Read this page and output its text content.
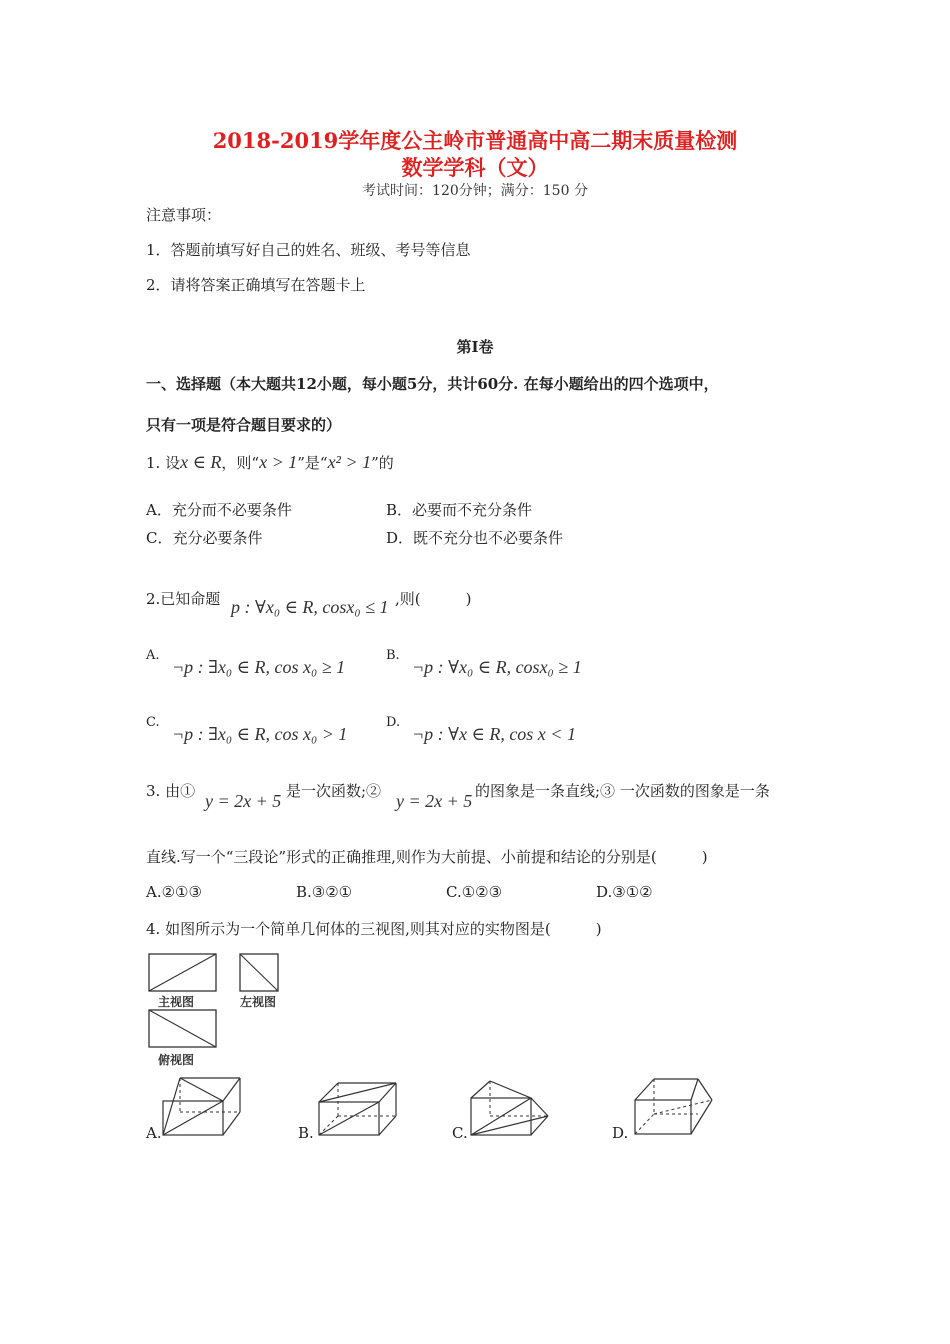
2018-2019学年度公主岭市普通高中高二期末质量检测
数学学科（文）
考试时间：120分钟；满分：150 分
注意事项：
1．答题前填写好自己的姓名、班级、考号等信息
2．请将答案正确填写在答题卡上
第I卷
一、选择题（本大题共12小题，每小题5分，共计60分. 在每小题给出的四个选项中，
只有一项是符合题目要求的）
1. 设x ∈ R，则“x > 1”是“x² > 1”的
A．充分而不必要条件	B．必要而不充分条件
C．充分必要条件	D．既不充分也不必要条件
2.已知命题 p : ∀x₀ ∈ R, cosx₀ ≤ 1 ,则(　　　)
A.
¬p : ∃x₀ ∈ R, cos x₀ ≥ 1
B.
¬p : ∀x₀ ∈ R, cosx₀ ≥ 1
C.
¬p : ∃x₀ ∈ R, cos x₀ > 1
D.
¬p : ∀x ∈ R, cos x < 1
3. 由① y = 2x + 5 是一次函数;② y = 2x + 5 的图象是一条直线;③ 一次函数的图象是一条
直线.写一个“三段论”形式的正确推理,则作为大前提、小前提和结论的分别是(　　　)
A.②①③	B.③②①	C.①②③	D.③①②
4. 如图所示为一个简单几何体的三视图,则其对应的实物图是(　　　)
主视图	左视图
俯视图
A.	B.	C.	D.
